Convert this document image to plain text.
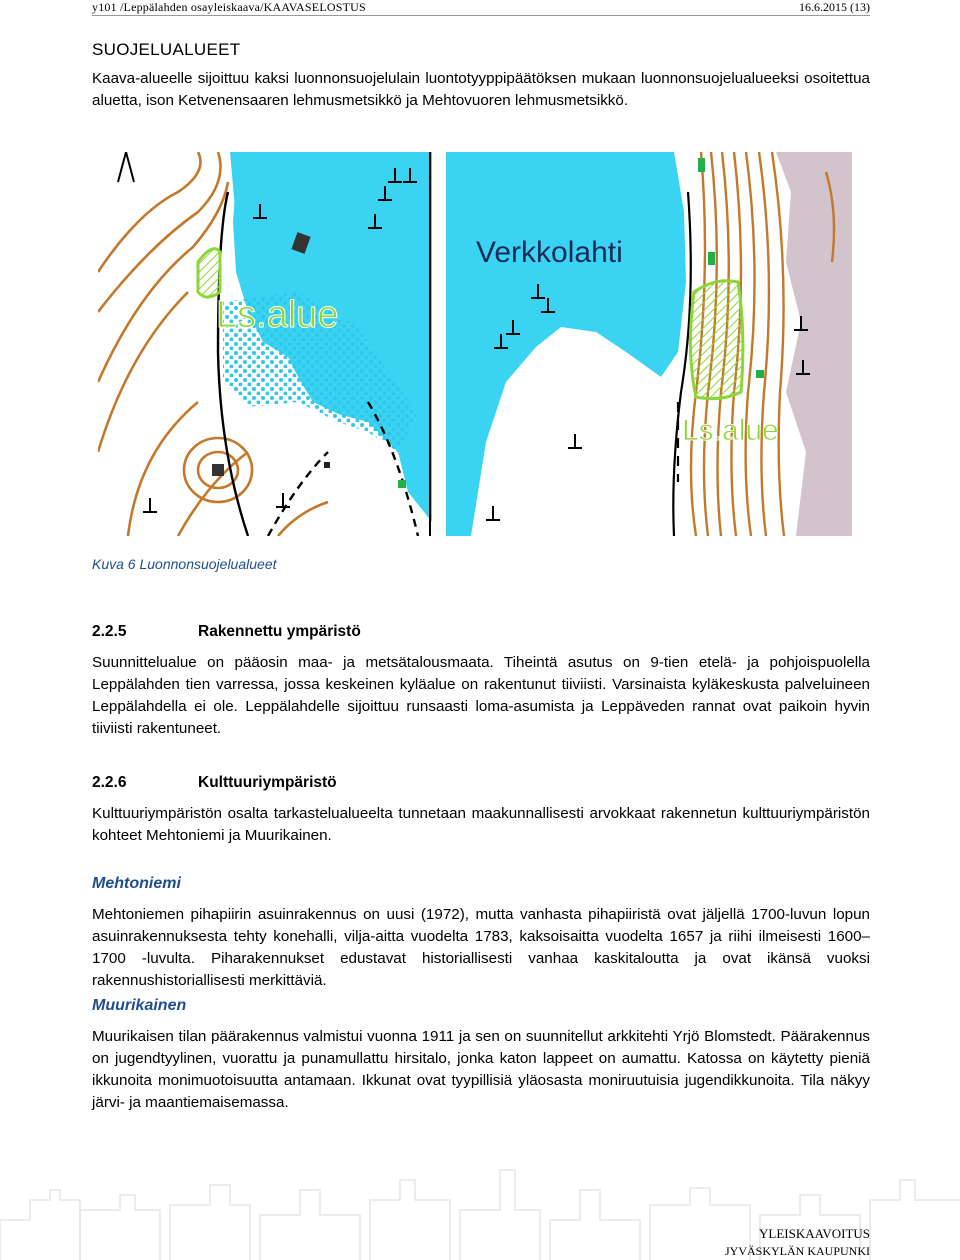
y101 /Leppälahden osayleiskaava/KAAVASELOSTUS	16.6.2015 (13)
SUOJELUALUEET
Kaava-alueelle sijoittuu kaksi luonnonsuojelulain luontotyyppipäätöksen mukaan luonnonsuojelualueeksi osoitettua aluetta, ison Ketvenensaaren lehmusmetsikkö ja Mehtovuoren lehmusmetsikkö.
Ls.alue
Verkkolahti
Ls.alue
Kuva 6 Luonnonsuojelualueet
2.2.5	Rakennettu ympäristö
Suunnittelualue on pääosin maa- ja metsätalousmaata. Tiheintä asutus on 9-tien etelä- ja pohjoispuolella Leppälahden tien varressa, jossa keskeinen kyläalue on rakentunut tiiviisti. Varsinaista kyläkeskusta palveluineen Leppälahdella ei ole. Leppälahdelle sijoittuu runsaasti loma-asumista ja Leppäveden rannat ovat paikoin hyvin tiiviisti rakentuneet.
2.2.6	Kulttuuriympäristö
Kulttuuriympäristön osalta tarkastelualueelta tunnetaan maakunnallisesti arvokkaat rakennetun kulttuuriympäristön kohteet Mehtoniemi ja Muurikainen.
Mehtoniemi
Mehtoniemen pihapiirin asuinrakennus on uusi (1972), mutta vanhasta pihapiiristä ovat jäljellä 1700-luvun lopun asuinrakennuksesta tehty konehalli, vilja-aitta vuodelta 1783, kaksoisaitta vuodelta 1657 ja riihi ilmeisesti 1600–1700 -luvulta. Piharakennukset edustavat historiallisesti vanhaa kaskitaloutta ja ovat ikänsä vuoksi rakennushistoriallisesti merkittäviä.
Muurikainen
Muurikaisen tilan päärakennus valmistui vuonna 1911 ja sen on suunnitellut arkkitehti Yrjö Blomstedt. Päärakennus on jugendtyylinen, vuorattu ja punamullattu hirsitalo, jonka katon lappeet on aumattu. Katossa on käytetty pieniä ikkunoita monimuotoisuutta antamaan. Ikkunat ovat tyypillisiä yläosasta moniruutuisia jugendikkunoita. Tila näkyy järvi- ja maantiemaisemassa.
YLEISKAAVOITUS
JYVÄSKYLÄN KAUPUNKI
